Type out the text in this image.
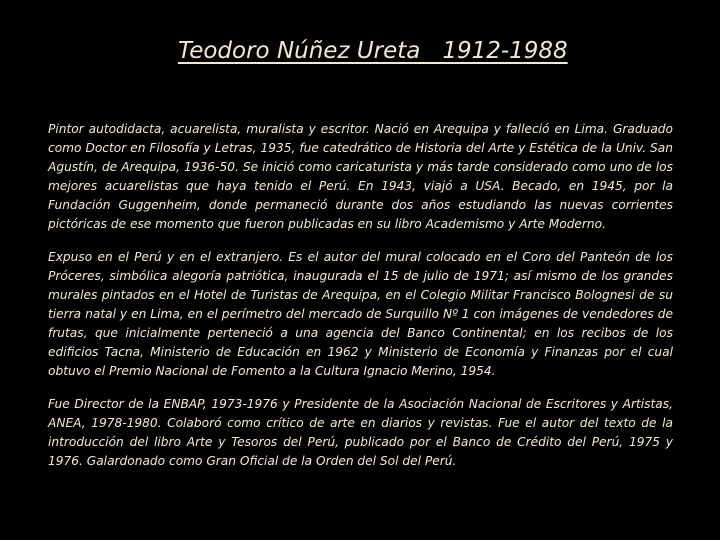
Teodoro Núñez Ureta   1912-1988

Pintor autodidacta, acuarelista, muralista y escritor. Nació en Arequipa y falleció en Lima. Graduado como Doctor en Filosofía y Letras, 1935, fue catedrático de Historia del Arte y Estética de la Univ. San Agustín, de Arequipa, 1936-50. Se inició como caricaturista y más tarde considerado como uno de los mejores acuarelistas que haya tenido el Perú. En 1943, viajó a USA. Becado, en 1945, por la Fundación Guggenheim, donde permaneció durante dos años estudiando las nuevas corrientes pictóricas de ese momento que fueron publicadas en su libro Academismo y Arte Moderno.

Expuso en el Perú y en el extranjero. Es el autor del mural colocado en el Coro del Panteón de los Próceres, simbólica alegoría patriótica, inaugurada el 15 de julio de 1971; así mismo de los grandes murales pintados en el Hotel de Turistas de Arequipa, en el Colegio Militar Francisco Bolognesi de su tierra natal y en Lima, en el perímetro del mercado de Surquillo Nº 1 con imágenes de vendedores de frutas, que inicialmente perteneció a una agencia del Banco Continental; en los recibos de los edificios Tacna, Ministerio de Educación en 1962 y Ministerio de Economía y Finanzas por el cual obtuvo el Premio Nacional de Fomento a la Cultura Ignacio Merino, 1954.

Fue Director de la ENBAP, 1973-1976 y Presidente de la Asociación Nacional de Escritores y Artistas, ANEA, 1978-1980. Colaboró como crítico de arte en diarios y revistas. Fue el autor del texto de la introducción del libro Arte y Tesoros del Perú, publicado por el Banco de Crédito del Perú, 1975 y 1976. Galardonado como Gran Oficial de la Orden del Sol del Perú.
